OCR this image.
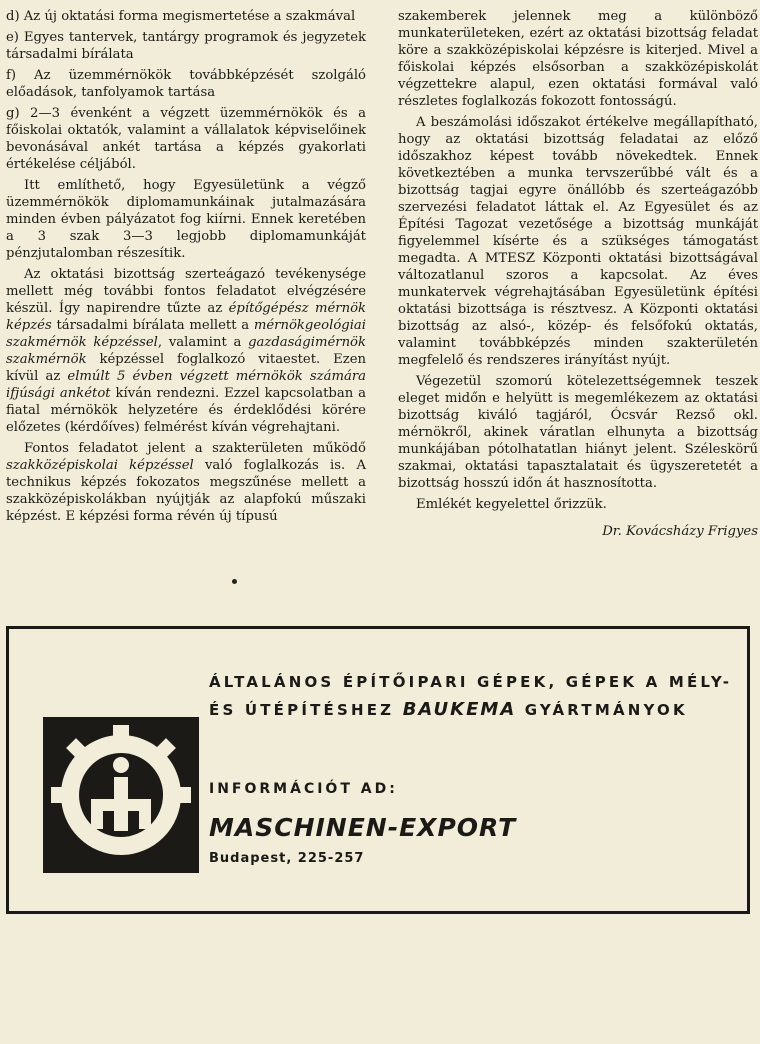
d) Az új oktatási forma megismertetése a szakmával

e) Egyes tantervek, tantárgy programok és jegyzetek társadalmi bírálata

f) Az üzemmérnökök továbbképzését szolgáló előadások, tanfolyamok tartása

g) 2—3 évenként a végzett üzemmérnökök és a főiskolai oktatók, valamint a vállalatok képviselőinek bevonásával ankét tartása a képzés gyakorlati értékelése céljából.

Itt említhető, hogy Egyesületünk a végző üzemmérnökök diplomamunkáinak jutalmazására minden évben pályázatot fog kiírni. Ennek keretében a 3 szak 3—3 legjobb diplomamunkáját pénzjutalomban részesítik.

Az oktatási bizottság szerteágazó tevékenysége mellett még további fontos feladatot elvégzésére készül. Így napirendre tűzte az építőgépész mérnök képzés társadalmi bírálata mellett a mérnökgeológiai szakmérnök képzéssel, valamint a gazdaságimérnök szakmérnök képzéssel foglalkozó vitaestet. Ezen kívül az elmúlt 5 évben végzett mérnökök számára ifjúsági ankétot kíván rendezni. Ezzel kapcsolatban a fiatal mérnökök helyzetére és érdeklődési körére előzetes (kérdőíves) felmérést kíván végrehajtani.

Fontos feladatot jelent a szakterületen működő szakközépiskolai képzéssel való foglalkozás is. A technikus képzés fokozatos megszűnése mellett a szakközépiskolákban nyújtják az alapfokú műszaki képzést. E képzési forma révén új típusú

szakemberek jelennek meg a különböző munkaterületeken, ezért az oktatási bizottság feladat köre a szakközépiskolai képzésre is kiterjed. Mivel a főiskolai képzés elsősorban a szakközépiskolát végzettekre alapul, ezen oktatási formával való részletes foglalkozás fokozott fontosságú.

A beszámolási időszakot értékelve megállapítható, hogy az oktatási bizottság feladatai az előző időszakhoz képest tovább növekedtek. Ennek következtében a munka tervszerűbbé vált és a bizottság tagjai egyre önállóbb és szerteágazóbb szervezési feladatot láttak el. Az Egyesület és az Építési Tagozat vezetősége a bizottság munkáját figyelemmel kísérte és a szükséges támogatást megadta. A MTESZ Központi oktatási bizottságával változatlanul szoros a kapcsolat. Az éves munkatervek végrehajtásában Egyesületünk építési oktatási bizottsága is résztvesz. A Központi oktatási bizottság az alsó-, közép- és felsőfokú oktatás, valamint továbbképzés minden szakterületén megfelelő és rendszeres irányítást nyújt.

Végezetül szomorú kötelezettségemnek teszek eleget midőn e helyütt is megemlékezem az oktatási bizottság kiváló tagjáról, Ócsvár Rezső okl. mérnökről, akinek váratlan elhunyta a bizottság munkájában pótolhatatlan hiányt jelent. Széleskörű szakmai, oktatási tapasztalatait és ügyszeretetét a bizottság hosszú időn át hasznosította.

Emlékét kegyelettel őrizzük.

Dr. Kovácsházy Frigyes
ÁLTALÁNOS ÉPÍTŐIPARI GÉPEK, GÉPEK A MÉLY-
ÉS ÚTÉPÍTÉSHEZ BAUKEMA GYÁRTMÁNYOK
INFORMÁCIÓT AD:
MASCHINEN-EXPORT
Budapest, 225-257
